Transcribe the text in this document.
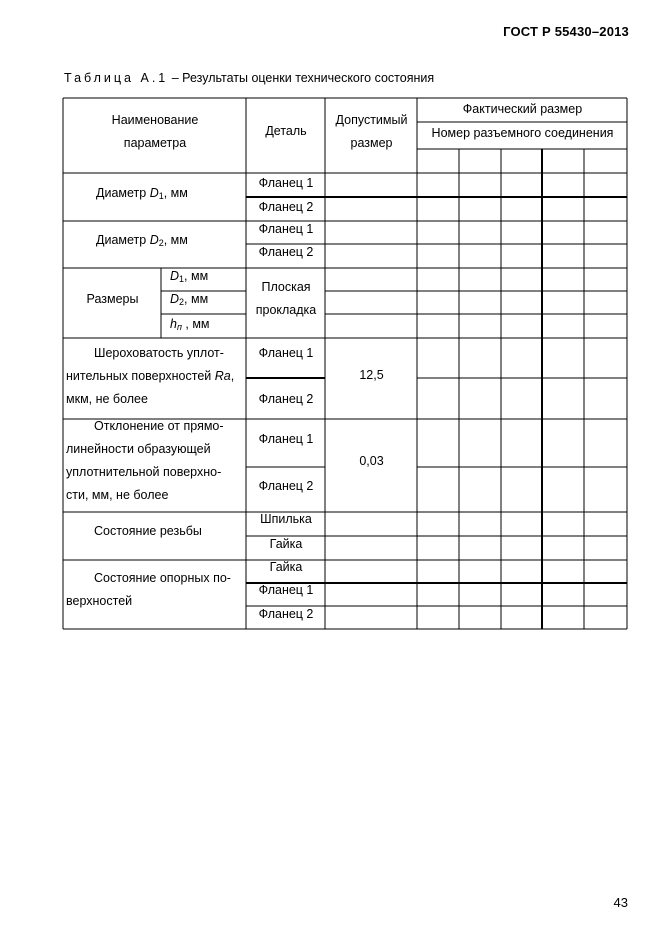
ГОСТ Р 55430–2013
Таблица А.1 – Результаты оценки технического состояния
Наименование
параметра
Деталь
Допустимый
размер
Фактический размер
Номер разъемного соединения
Диаметр $D_1$, мм
Фланец 1
Фланец 2
Диаметр $D_2$, мм
Фланец 1
Фланец 2
Размеры
$D_1$, мм
$D_2$, мм
$h_п$ , мм
Плоская
прокладка
Шероховатость уплот-
нительных поверхностей Ra,
мкм, не более
Фланец 1
Фланец 2
12,5
Отклонение от прямо-
линейности образующей
уплотнительной поверхно-
сти, мм, не более
Фланец 1
Фланец 2
0,03
Состояние резьбы
Шпилька
Гайка
Состояние опорных по-
верхностей
Гайка
Фланец 1
Фланец 2
43
